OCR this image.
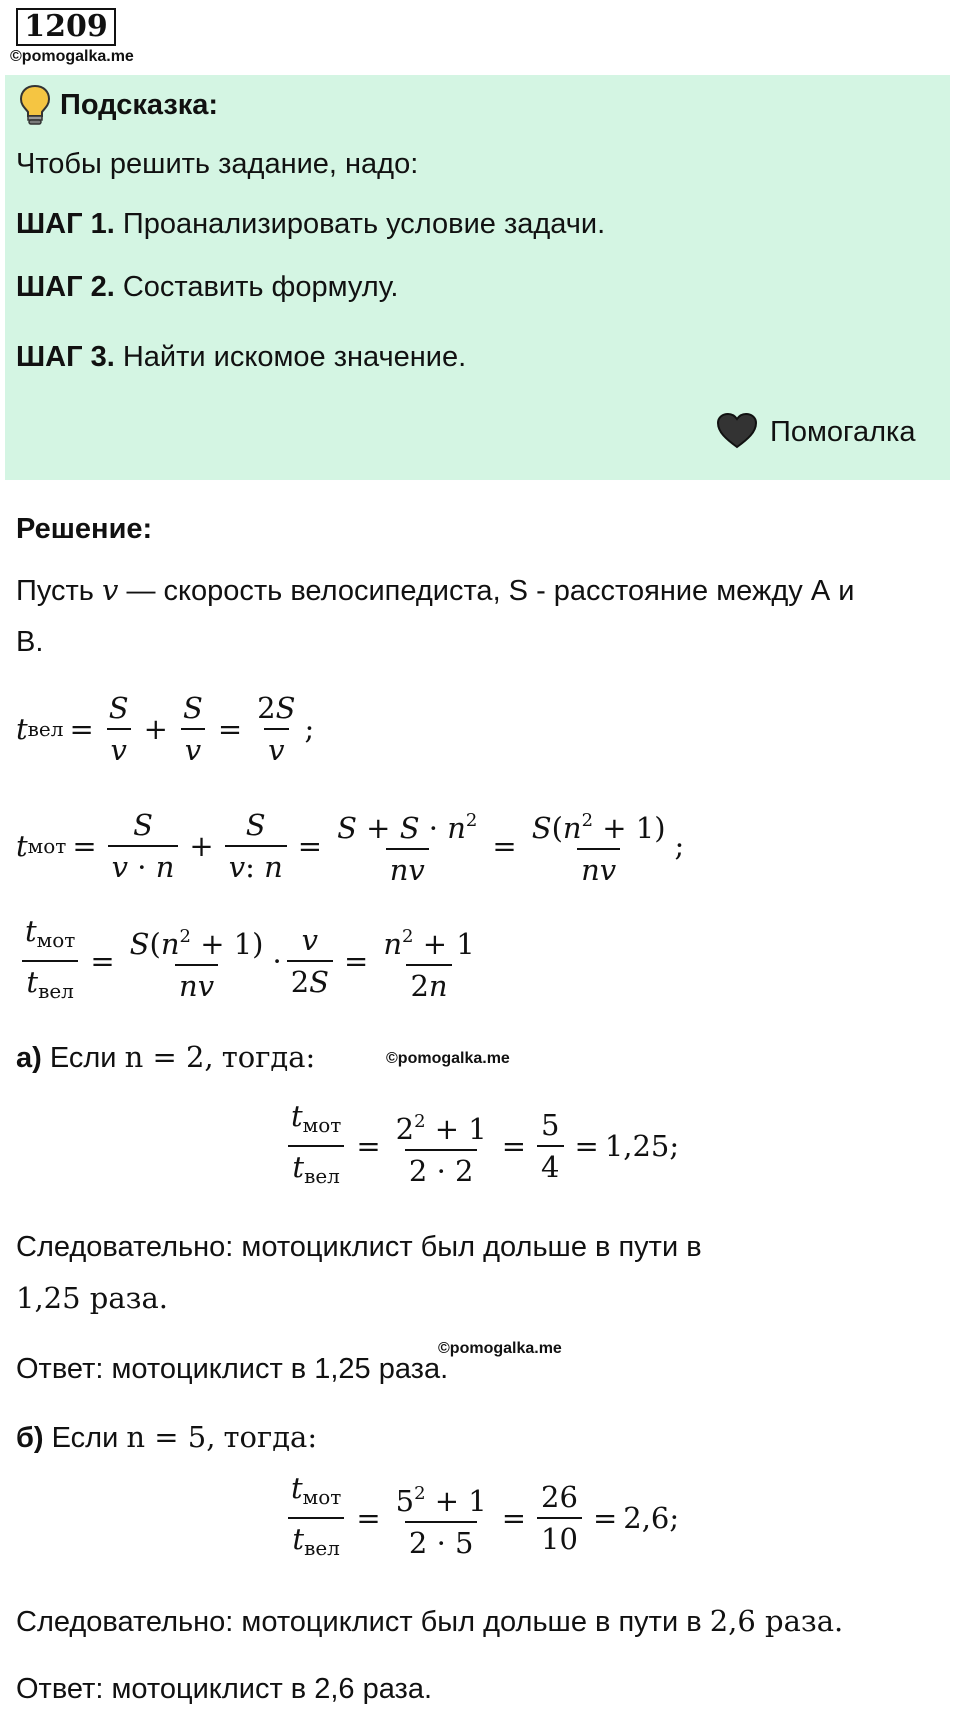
1209
©pomogalka.me
Подсказка:
Чтобы решить задание, надо:
ШАГ 1. Проанализировать условие задачи.
ШАГ 2. Составить формулу.
ШАГ 3. Найти искомое значение.
Помогалка
Решение:
Пусть v — скорость велосипедиста, S - расстояние между А и
В.
t вел = $\frac{S}{v} + \frac{S}{v} = \frac{2S}{v}$ ;
t мот = $\frac{S}{v \cdot n} + \frac{S}{v: n} = \frac{S + S \cdot n^2}{nv} = \frac{S(n^2 + 1)}{nv}$ ;
$\frac{t_{мот}}{t_{вел}} = \frac{S(n^2 + 1)}{nv} \cdot \frac{v}{2S} = \frac{n^2 + 1}{2n}$
а) Если n = 2, тогда:	©pomogalka.me
$\frac{t_{мот}}{t_{вел}} = \frac{2^2 + 1}{2 \cdot 2} = \frac{5}{4} = 1,25$;
Следовательно: мотоциклист был дольше в пути в
1,25 раза.
©pomogalka.me
Ответ: мотоциклист в 1,25 раза.
б) Если n = 5, тогда:
$\frac{t_{мот}}{t_{вел}} = \frac{5^2 + 1}{2 \cdot 5} = \frac{26}{10} = 2,6$;
Следовательно: мотоциклист был дольше в пути в 2,6 раза.
Ответ: мотоциклист в 2,6 раза.
